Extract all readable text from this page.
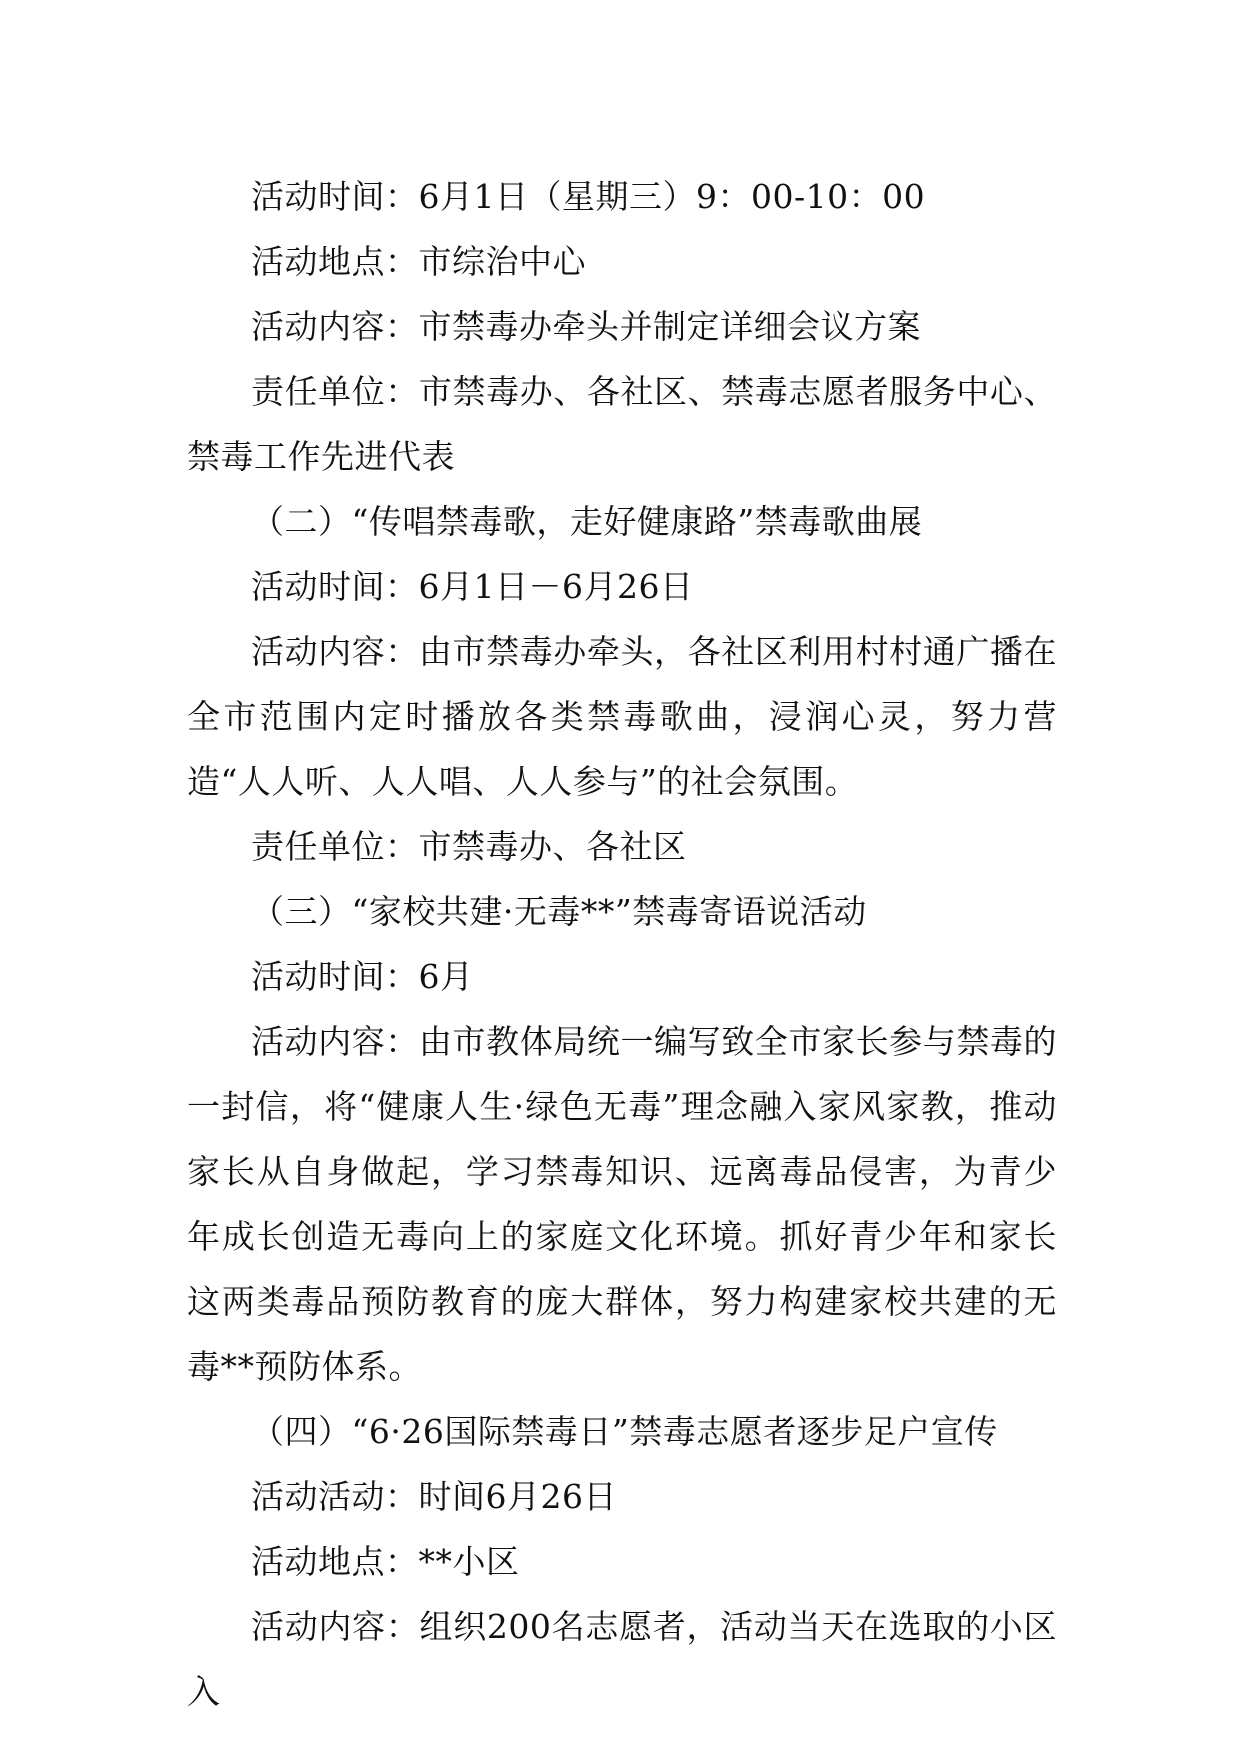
活动时间：6月1日（星期三）9：00-10：00

活动地点：市综治中心

活动内容：市禁毒办牵头并制定详细会议方案

责任单位：市禁毒办、各社区、禁毒志愿者服务中心、禁毒工作先进代表

（二）“传唱禁毒歌，走好健康路”禁毒歌曲展

活动时间：6月1日－6月26日

活动内容：由市禁毒办牵头，各社区利用村村通广播在全市范围内定时播放各类禁毒歌曲，浸润心灵，努力营造“人人听、人人唱、人人参与”的社会氛围。

责任单位：市禁毒办、各社区

（三）“家校共建·无毒**”禁毒寄语说活动

活动时间：6月

活动内容：由市教体局统一编写致全市家长参与禁毒的一封信，将“健康人生·绿色无毒”理念融入家风家教，推动家长从自身做起，学习禁毒知识、远离毒品侵害，为青少年成长创造无毒向上的家庭文化环境。抓好青少年和家长这两类毒品预防教育的庞大群体，努力构建家校共建的无毒**预防体系。

（四）“6·26国际禁毒日”禁毒志愿者逐步足户宣传

活动活动：时间6月26日

活动地点：**小区

活动内容：组织200名志愿者，活动当天在选取的小区入
